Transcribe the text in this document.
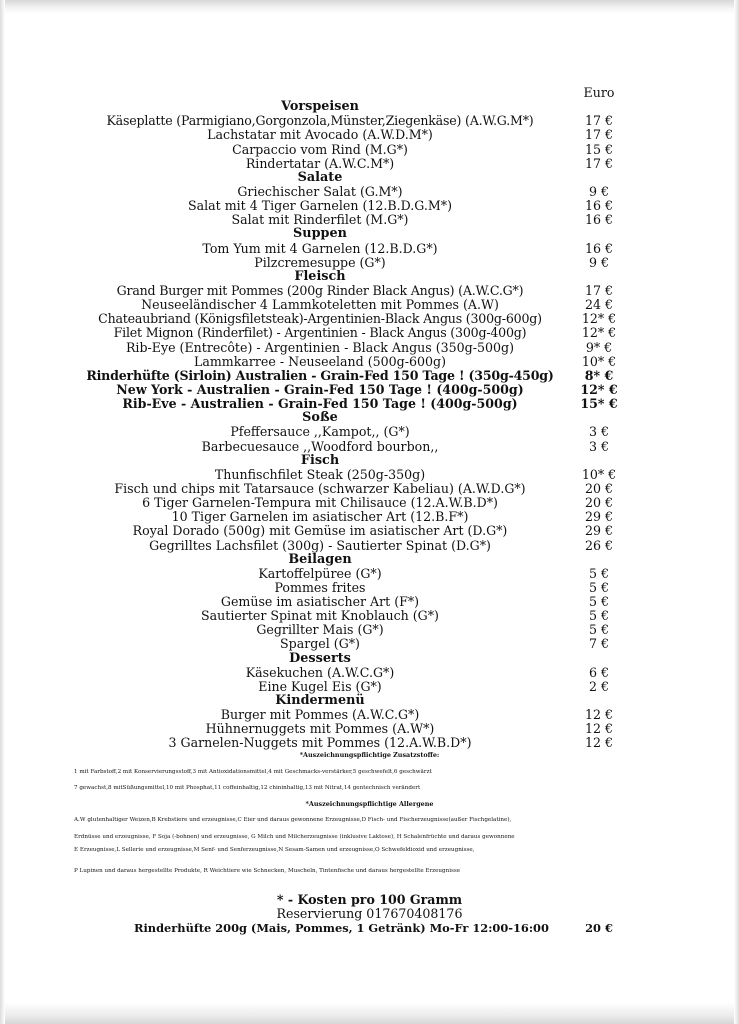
Euro
Vorspeisen
Käseplatte (Parmigiano,Gorgonzola,Münster,Ziegenkäse) (A.W.G.M*)	17 €
Lachstatar mit Avocado (A.W.D.M*)	17 €
Carpaccio vom Rind (M.G*)	15 €
Rindertatar (A.W.C.M*)	17 €
Salate
Griechischer Salat (G.M*)	9 €
Salat mit 4 Tiger Garnelen (12.B.D.G.M*)	16 €
Salat mit Rinderfilet (M.G*)	16 €
Suppen
Tom Yum mit 4 Garnelen (12.B.D.G*)	16 €
Pilzcremesuppe (G*)	9 €
Fleisch
Grand Burger mit Pommes (200g Rinder Black Angus) (A.W.C.G*)	17 €
Neuseeländischer 4 Lammkoteletten mit Pommes (A.W)	24 €
Chateaubriand (Königsfiletsteak)-Argentinien-Black Angus (300g-600g)	12* €
Filet Mignon (Rinderfilet) - Argentinien - Black Angus (300g-400g)	12* €
Rib-Eye (Entrecôte) - Argentinien - Black Angus (350g-500g)	9* €
Lammkarree - Neuseeland (500g-600g)	10* €
Rinderhüfte (Sirloin) Australien - Grain-Fed 150 Tage ! (350g-450g)	8* €
New York - Australien - Grain-Fed 150 Tage ! (400g-500g)	12* €
Rib-Eve - Australien - Grain-Fed 150 Tage ! (400g-500g)	15* €
Soße
Pfeffersauce ,,Kampot,, (G*)	3 €
Barbecuesauce ,,Woodford bourbon,,	3 €
Fisch
Thunfischfilet Steak (250g-350g)	10* €
Fisch und chips mit Tatarsauce (schwarzer Kabeliau) (A.W.D.G*)	20 €
6 Tiger Garnelen-Tempura mit Chilisauce (12.A.W.B.D*)	20 €
10 Tiger Garnelen im asiatischer Art (12.B.F*)	29 €
Royal Dorado (500g) mit Gemüse im asiatischer Art (D.G*)	29 €
Gegrilltes Lachsfilet (300g) - Sautierter Spinat (D.G*)	26 €
Beilagen
Kartoffelpüree (G*)	5 €
Pommes frites	5 €
Gemüse im asiatischer Art (F*)	5 €
Sautierter Spinat mit Knoblauch (G*)	5 €
Gegrillter Mais (G*)	5 €
Spargel (G*)	7 €
Desserts
Käsekuchen (A.W.C.G*)	6 €
Eine Kugel Eis (G*)	2 €
Kindermenü
Burger mit Pommes (A.W.C.G*)	12 €
Hühnernuggets mit Pommes (A.W*)	12 €
3 Garnelen-Nuggets mit Pommes (12.A.W.B.D*)	12 €
*Auszeichnungspflichtige Zusatzstoffe:
1 mit Farbstoff,2 mit Konservierungsstoff,3 mit Antioxidationsmittel,4 mit Geschmacks-verstärker,5 geschwefelt,6 geschwärzt
7 gewachst,8 mitSüßungsmittel,10 mit Phosphat,11 coffeinhaltig,12 chininhaltig,13 mit Nitrat,14 gentechnisch verändert
*Auszeichnungspflichtige Allergene
A.W glutenhaltiger Weizen,B Krebstiere und erzeugnisse,C Eier und daraus gewonnene Erzeugnisse,D Fisch- und Fischerzeugnisse(außer Fischgelatine),
Erdnüsse und erzeugnisse, F Soja (-bohnen) und erzeugnisse, G Milch und Milcherzeugnisse (inklusive Laktose), H Schalenfrüchte und daraus gewonnene
E Erzeugnisse,L Sellerie und erzeugnisse,M Senf- und Senferzeugnisse,N Sesam-Samen und erzeugnisse,O Schwefeldioxid und erzeugnisse,
P Lupinen und daraus hergestellte Produkte, R Weichtiere wie Schnecken, Muscheln, Tintenfische und daraus hergestellte Erzeugnisse
* - Kosten pro 100 Gramm
Reservierung 017670408176
Rinderhüfte 200g (Mais, Pommes, 1 Getränk) Mo-Fr 12:00-16:00	20 €
